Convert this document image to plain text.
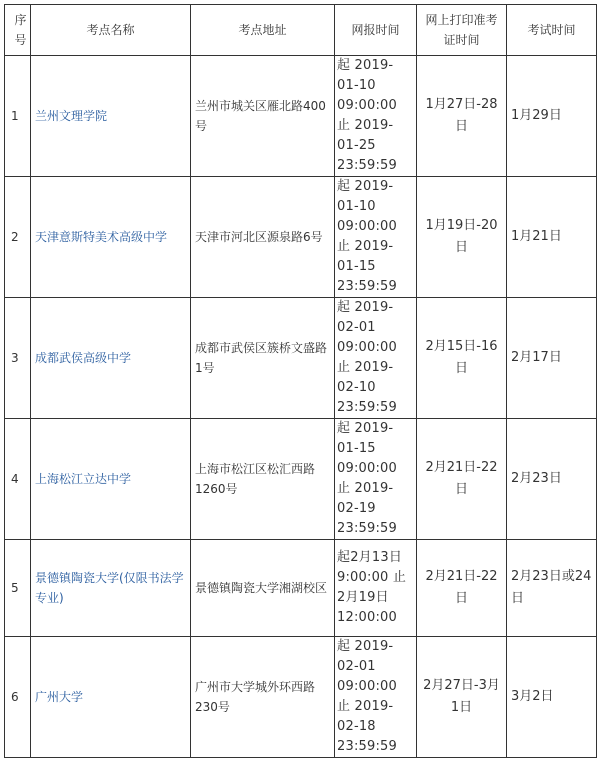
序号	考点名称	考点地址	网报时间	网上打印准考证时间	考试时间
1	兰州文理学院	兰州市城关区雁北路400号	起 2019-01-10 09:00:00 止 2019-01-25 23:59:59	1月27日-28日	1月29日
2	天津意斯特美术高级中学	天津市河北区源泉路6号	起 2019-01-10 09:00:00 止 2019-01-15 23:59:59	1月19日-20日	1月21日
3	成都武侯高级中学	成都市武侯区簇桥文盛路1号	起 2019-02-01 09:00:00 止 2019-02-10 23:59:59	2月15日-16日	2月17日
4	上海松江立达中学	上海市松江区松汇西路1260号	起 2019-01-15 09:00:00 止 2019-02-19 23:59:59	2月21日-22日	2月23日
5	景德镇陶瓷大学(仅限书法学专业)	景德镇陶瓷大学湘湖校区	起2月13日 9:00:00 止2月19日 12:00:00	2月21日-22日	2月23日或24日
6	广州大学	广州市大学城外环西路230号	起 2019-02-01 09:00:00 止 2019-02-18 23:59:59	2月27日-3月1日	3月2日
